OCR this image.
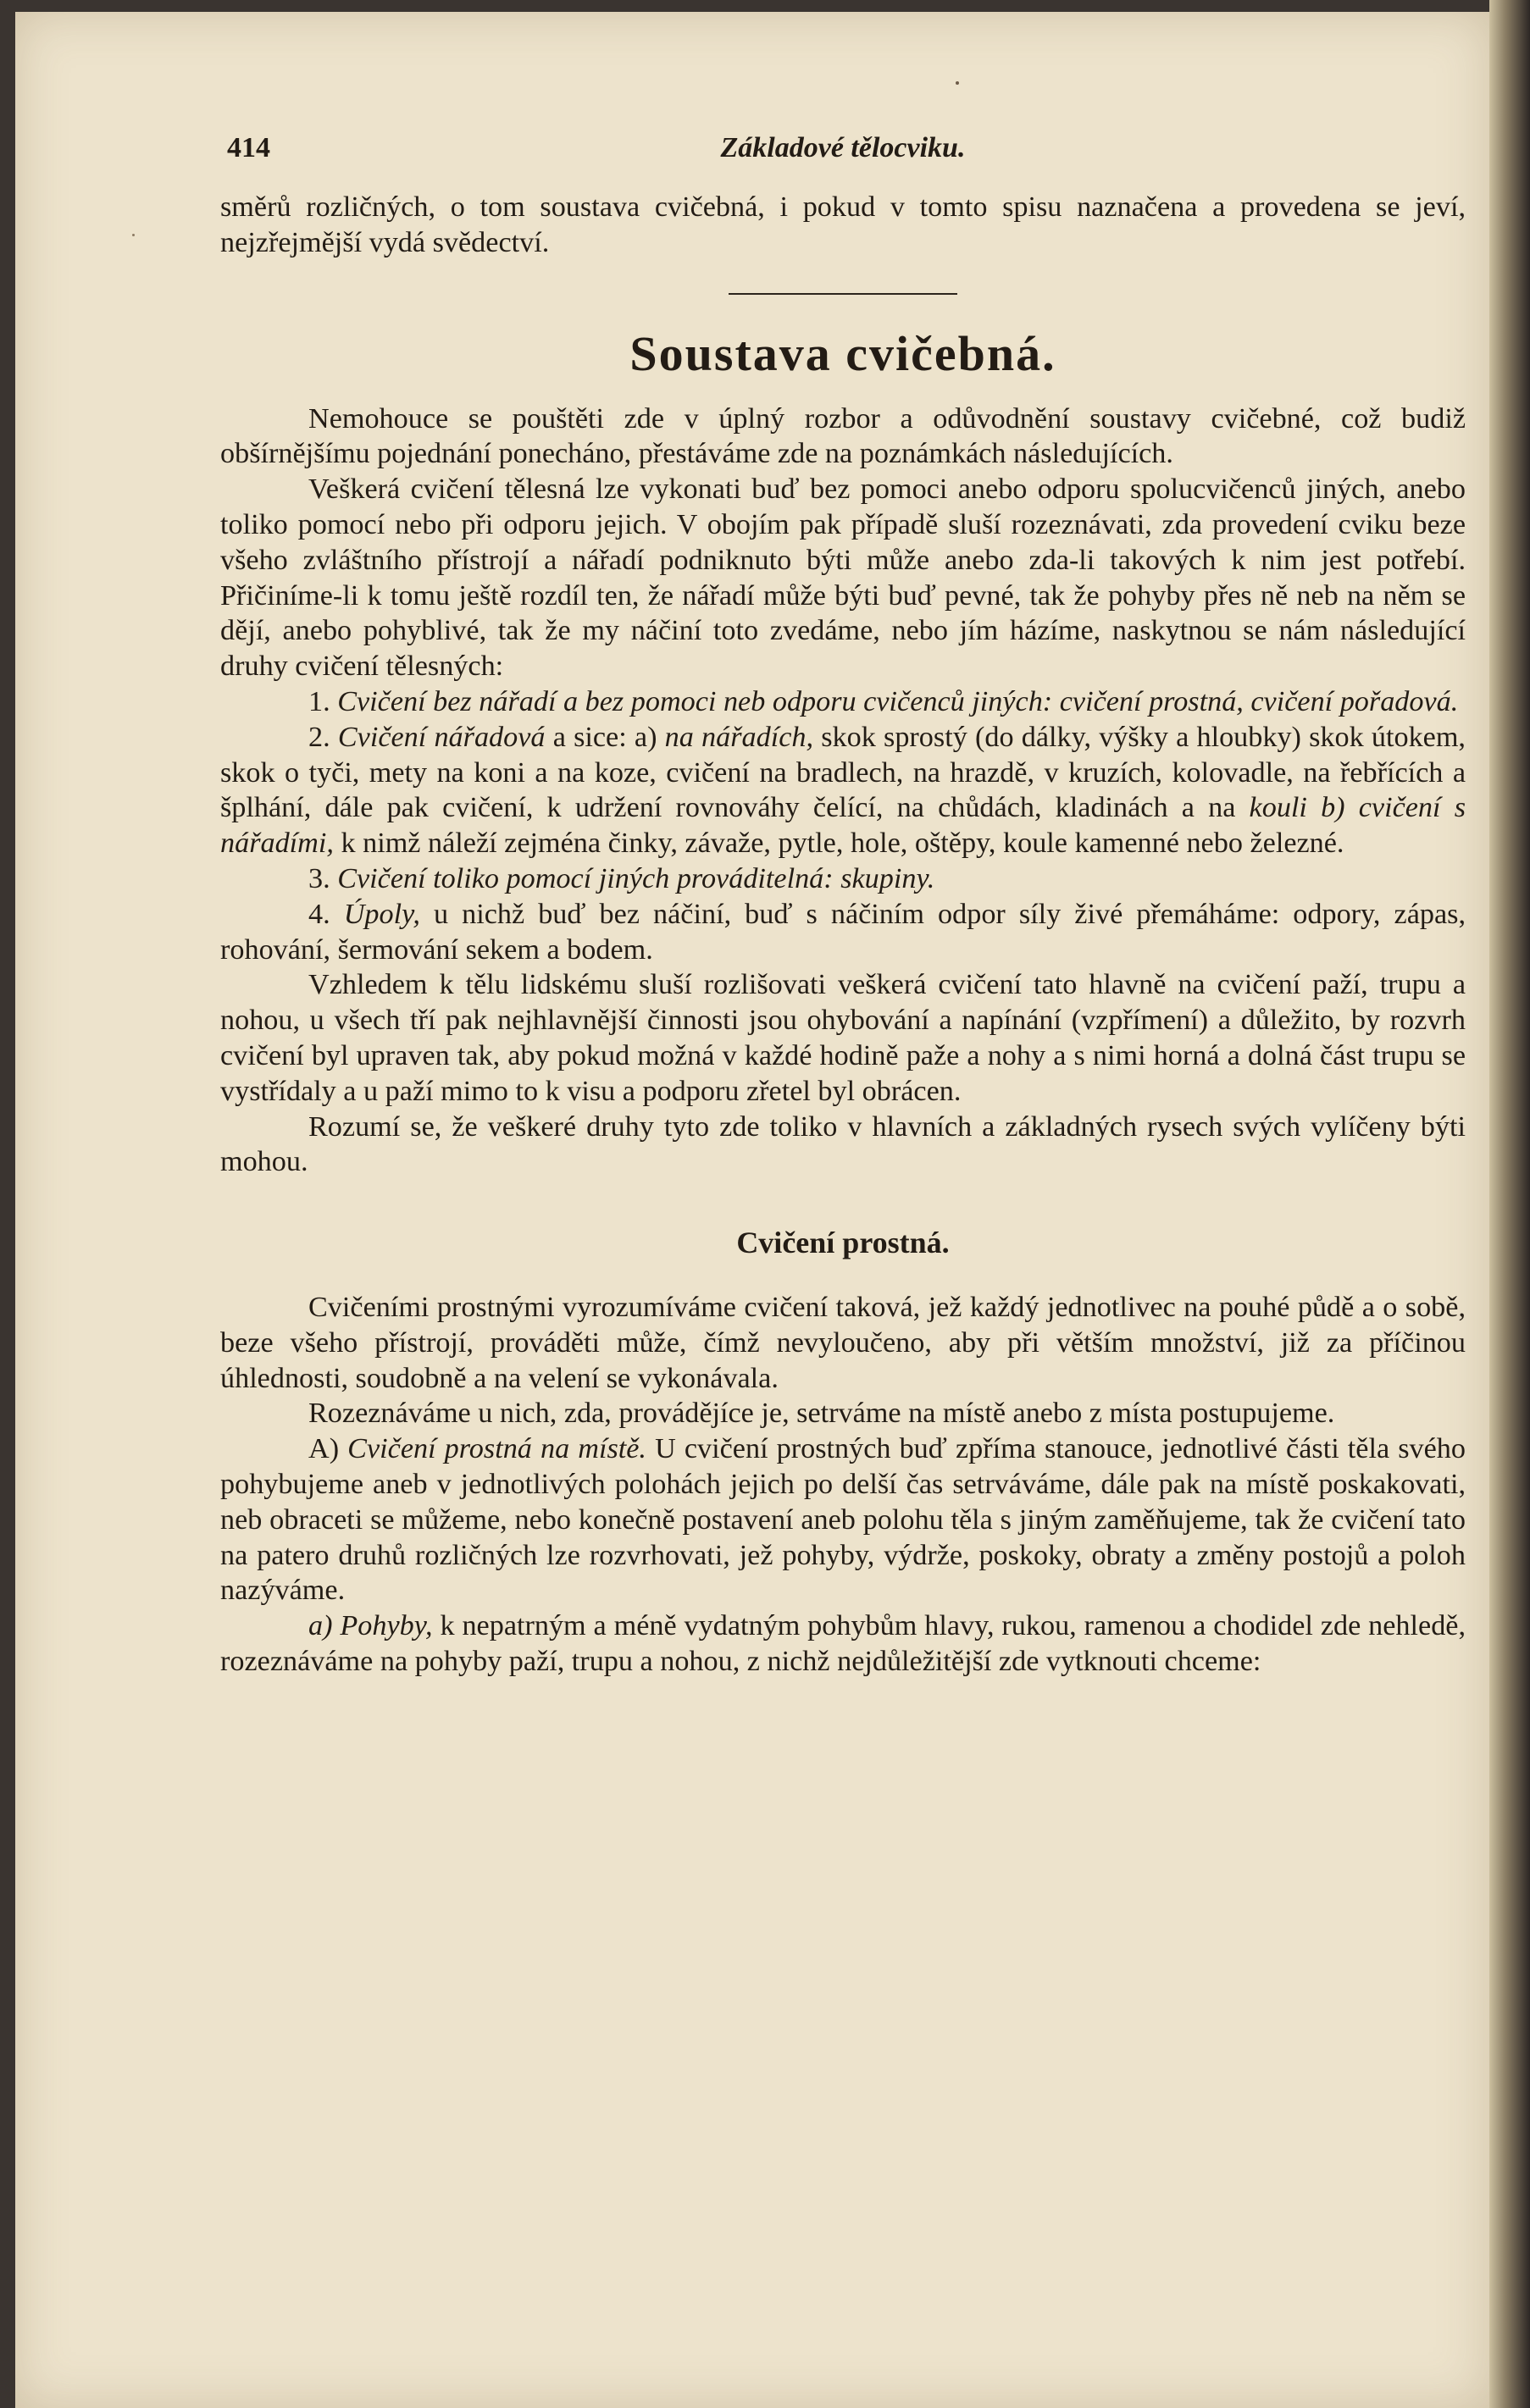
414	Základové tělocviku.

směrů rozličných, o tom soustava cvičebná, i pokud v tomto spisu naznačena a provedena se jeví, nejzřejmější vydá svědectví.

Soustava cvičebná.

Nemohouce se pouštěti zde v úplný rozbor a odůvodnění soustavy cvičebné, což budiž obšírnějšímu pojednání ponecháno, přestáváme zde na poznámkách následujících.

Veškerá cvičení tělesná lze vykonati buď bez pomoci anebo odporu spolucvičenců jiných, anebo toliko pomocí nebo při odporu jejich. V obojím pak případě sluší rozeznávati, zda provedení cviku beze všeho zvláštního přístrojí a nářadí podniknuto býti může anebo zda-li takových k nim jest potřebí. Přičiníme-li k tomu ještě rozdíl ten, že nářadí může býti buď pevné, tak že pohyby přes ně neb na něm se dějí, anebo pohyblivé, tak že my náčiní toto zvedáme, nebo jím házíme, naskytnou se nám následující druhy cvičení tělesných:

1. Cvičení bez nářadí a bez pomoci neb odporu cvičenců jiných: cvičení prostná, cvičení pořadová.

2. Cvičení nářadová a sice: a) na nářadích, skok sprostý (do dálky, výšky a hloubky) skok útokem, skok o tyči, mety na koni a na koze, cvičení na bradlech, na hrazdě, v kruzích, kolovadle, na řebřících a šplhání, dále pak cvičení, k udržení rovnováhy čelící, na chůdách, kladinách a na kouli b) cvičení s nářadími, k nimž náleží zejména činky, závaže, pytle, hole, oštěpy, koule kamenné nebo železné.

3. Cvičení toliko pomocí jiných prováditelná: skupiny.

4. Úpoly, u nichž buď bez náčiní, buď s náčiním odpor síly živé přemáháme: odpory, zápas, rohování, šermování sekem a bodem.

Vzhledem k tělu lidskému sluší rozlišovati veškerá cvičení tato hlavně na cvičení paží, trupu a nohou, u všech tří pak nejhlavnější činnosti jsou ohybování a napínání (vzpřímení) a důležito, by rozvrh cvičení byl upraven tak, aby pokud možná v každé hodině paže a nohy a s nimi horná a dolná část trupu se vystřídaly a u paží mimo to k visu a podporu zřetel byl obrácen.

Rozumí se, že veškeré druhy tyto zde toliko v hlavních a základných rysech svých vylíčeny býti mohou.

Cvičení prostná.

Cvičeními prostnými vyrozumíváme cvičení taková, jež každý jednotlivec na pouhé půdě a o sobě, beze všeho přístrojí, prováděti může, čímž nevyloučeno, aby při větším množství, již za příčinou úhlednosti, soudobně a na velení se vykonávala.

Rozeznáváme u nich, zda, provádějíce je, setrváme na místě anebo z místa postupujeme.

A) Cvičení prostná na místě. U cvičení prostných buď zpříma stanouce, jednotlivé části těla svého pohybujeme aneb v jednotlivých polohách jejich po delší čas setrváváme, dále pak na místě poskakovati, neb obraceti se můžeme, nebo konečně postavení aneb polohu těla s jiným zaměňujeme, tak že cvičení tato na patero druhů rozličných lze rozvrhovati, jež pohyby, výdrže, poskoky, obraty a změny postojů a poloh nazýváme.

a) Pohyby, k nepatrným a méně vydatným pohybům hlavy, rukou, ramenou a chodidel zde nehledě, rozeznáváme na pohyby paží, trupu a nohou, z nichž nejdůležitější zde vytknouti chceme:
